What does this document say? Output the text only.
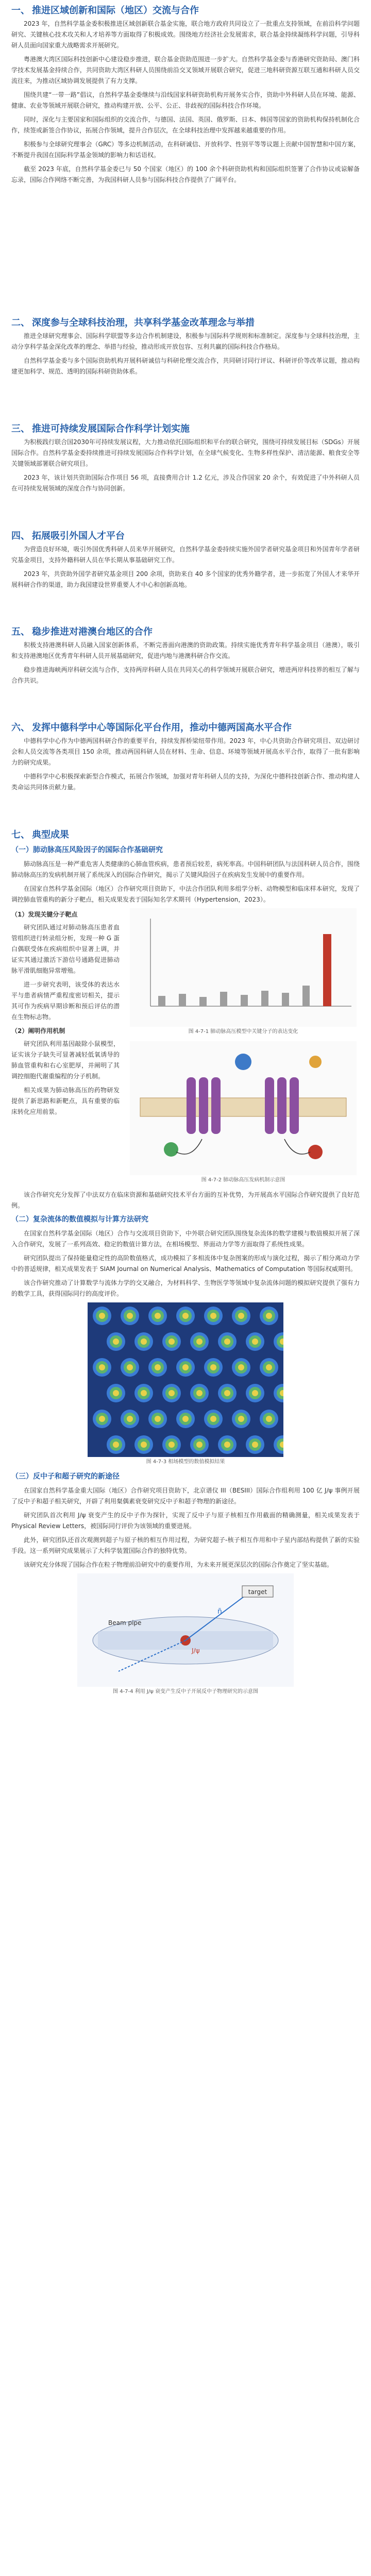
一、 推进区域创新和国际（地区）交流与合作

2023 年，自然科学基金委积极推进区域创新联合基金实施，联合地方政府共同设立了一批重点支持领域，在前沿科学问题研究、关键核心技术攻关和人才培养等方面取得了积极成效。围绕地方经济社会发展需求，联合基金持续凝练科学问题，引导科研人员面向国家重大战略需求开展研究。

粤港澳大湾区国际科技创新中心建设稳步推进，联合基金资助范围进一步扩大。自然科学基金委与香港研究资助局、澳门科学技术发展基金持续合作，共同资助大湾区科研人员围绕前沿交叉领域开展联合研究，促进三地科研资源互联互通和科研人员交流往来，为推动区域协调发展提供了有力支撑。

围绕共建“一带一路”倡议，自然科学基金委继续与沿线国家科研资助机构开展务实合作，资助中外科研人员在环境、能源、健康、农业等领域开展联合研究，推动构建开放、公平、公正、非歧视的国际科技合作环境。

同时，深化与主要国家和国际组织的交流合作，与德国、法国、英国、俄罗斯、日本、韩国等国家的资助机构保持机制化合作，续签或新签合作协议，拓展合作领域，提升合作层次，在全球科技治理中发挥越来越重要的作用。

积极参与全球研究理事会（GRC）等多边机制活动，在科研诚信、开放科学、性别平等等议题上贡献中国智慧和中国方案，不断提升我国在国际科学基金领域的影响力和话语权。

截至 2023 年底，自然科学基金委已与 50 个国家（地区）的 100 余个科研资助机构和国际组织签署了合作协议或谅解备忘录，国际合作网络不断完善，为我国科研人员参与国际科技合作提供了广阔平台。

二、 深度参与全球科技治理，共享科学基金改革理念与举措

推进全球研究理事会、国际科学联盟等多边合作机制建设，积极参与国际科学规则和标准制定。深度参与全球科技治理，主动分享科学基金深化改革的理念、举措与经验，推动形成开放包容、互利共赢的国际科技合作格局。

自然科学基金委与多个国际资助机构开展科研诚信与科研伦理交流合作，共同研讨同行评议、科研评价等改革议题，推动构建更加科学、规范、透明的国际科研资助体系。

三、 推进可持续发展国际合作科学计划实施

为积极践行联合国2030年可持续发展议程，大力推动依托国际组织和平台的联合研究，围绕可持续发展目标（SDGs）开展国际合作。自然科学基金委持续推进可持续发展国际合作科学计划，在全球气候变化、生物多样性保护、清洁能源、粮食安全等关键领域部署联合研究项目。

2023 年，该计划共资助国际合作项目 56 项，直接费用合计 1.2 亿元，涉及合作国家 20 余个，有效促进了中外科研人员在可持续发展领域的深度合作与协同创新。

四、 拓展吸引外国人才平台

为营造良好环境，吸引外国优秀科研人员来华开展研究，自然科学基金委持续实施外国学者研究基金项目和外国青年学者研究基金项目，支持外籍科研人员在华长期从事基础研究工作。

2023 年，共资助外国学者研究基金项目 200 余项，资助来自 40 多个国家的优秀外籍学者，进一步拓宽了外国人才来华开展科研合作的渠道，助力我国建设世界重要人才中心和创新高地。

五、 稳步推进对港澳台地区的合作

积极支持港澳科研人员融入国家创新体系，不断完善面向港澳的资助政策。持续实施优秀青年科学基金项目（港澳），吸引和支持港澳地区优秀青年科研人员开展基础研究，促进内地与港澳科研合作交流。

稳步推进海峡两岸科研交流与合作，支持两岸科研人员在共同关心的科学领域开展联合研究，增进两岸科技界的相互了解与合作共识。

六、 发挥中德科学中心等国际化平台作用，推动中德两国高水平合作

中德科学中心作为中德两国科研合作的重要平台，持续发挥桥梁纽带作用。2023 年，中心共资助合作研究项目、双边研讨会和人员交流等各类项目 150 余项，推动两国科研人员在材料、生命、信息、环境等领域开展高水平合作，取得了一批有影响力的研究成果。

中德科学中心积极探索新型合作模式，拓展合作领域，加强对青年科研人员的支持，为深化中德科技创新合作、推动构建人类命运共同体贡献力量。

七、 典型成果
（一）肺动脉高压风险因子的国际合作基础研究

肺动脉高压是一种严重危害人类健康的心肺血管疾病，患者预后较差，病死率高。中国科研团队与法国科研人员合作，围绕肺动脉高压的发病机制开展了系统深入的国际合作研究，揭示了关键风险因子在疾病发生发展中的重要作用。

在国家自然科学基金国际（地区）合作研究项目资助下，中法合作团队利用多组学分析、动物模型和临床样本研究，发现了调控肺血管重构的新分子靶点，相关成果发表于国际知名学术期刊（Hypertension，2023）。

（1）发现关键分子靶点

研究团队通过对肺动脉高压患者血管组织进行转录组分析，发现一种 G 蛋白偶联受体在疾病组织中显著上调，并证实其通过激活下游信号通路促进肺动脉平滑肌细胞异常增殖。

进一步研究表明，该受体的表达水平与患者病情严重程度密切相关，提示其可作为疾病早期诊断和预后评估的潜在生物标志物。

（2）阐明作用机制

研究团队利用基因敲除小鼠模型，证实该分子缺失可显著减轻低氧诱导的肺血管重构和右心室肥厚，并阐明了其调控细胞代谢重编程的分子机制。

相关成果为肺动脉高压的药物研发提供了新思路和新靶点，具有重要的临床转化应用前景。

图 4-7-1 肺动脉高压模型中关键分子的表达变化
图 4-7-2 肺动脉高压发病机制示意图

该合作研究充分发挥了中法双方在临床资源和基础研究技术平台方面的互补优势，为开展高水平国际合作研究提供了良好范例。

（二）复杂流体的数值模拟与计算方法研究

在国家自然科学基金国际（地区）合作与交流项目资助下，中外联合研究团队围绕复杂流体的数学建模与数值模拟开展了深入合作研究，发展了一系列高效、稳定的数值计算方法，在相场模型、界面动力学等方面取得了系统性成果。

研究团队提出了保持能量稳定性的高阶数值格式，成功模拟了多相流体中复杂图案的形成与演化过程，揭示了相分离动力学中的普适规律，相关成果发表于 SIAM Journal on Numerical Analysis、Mathematics of Computation 等国际权威期刊。

该合作研究推动了计算数学与流体力学的交叉融合，为材料科学、生物医学等领域中复杂流体问题的模拟研究提供了强有力的数学工具，获得国际同行的高度评价。

图 4-7-3 相场模型的数值模拟结果
（三）反中子和超子研究的新途径

在国家自然科学基金重大国际（地区）合作研究项目资助下，北京谱仪 III（BESIII）国际合作组利用 100 亿 J/ψ 事例开展了反中子和超子相关研究，开辟了利用粲偶素衰变研究反中子和超子物理的新途径。

研究团队首次利用 J/ψ 衰变产生的反中子作为探针，实现了反中子与原子核相互作用截面的精确测量，相关成果发表于 Physical Review Letters，被国际同行评价为该领域的重要进展。

此外，研究团队还首次观测到超子与原子核的相互作用过程，为研究超子-核子相互作用和中子星内部结构提供了新的实验手段。这一系列研究成果展示了大科学装置国际合作的独特优势。

该研究充分体现了国际合作在粒子物理前沿研究中的重要作用，为未来开展更深层次的国际合作奠定了坚实基础。

target
Beam pipe
n̄
J/ψ
图 4-7-4 利用 J/ψ 衰变产生反中子开展反中子物理研究的示意图
